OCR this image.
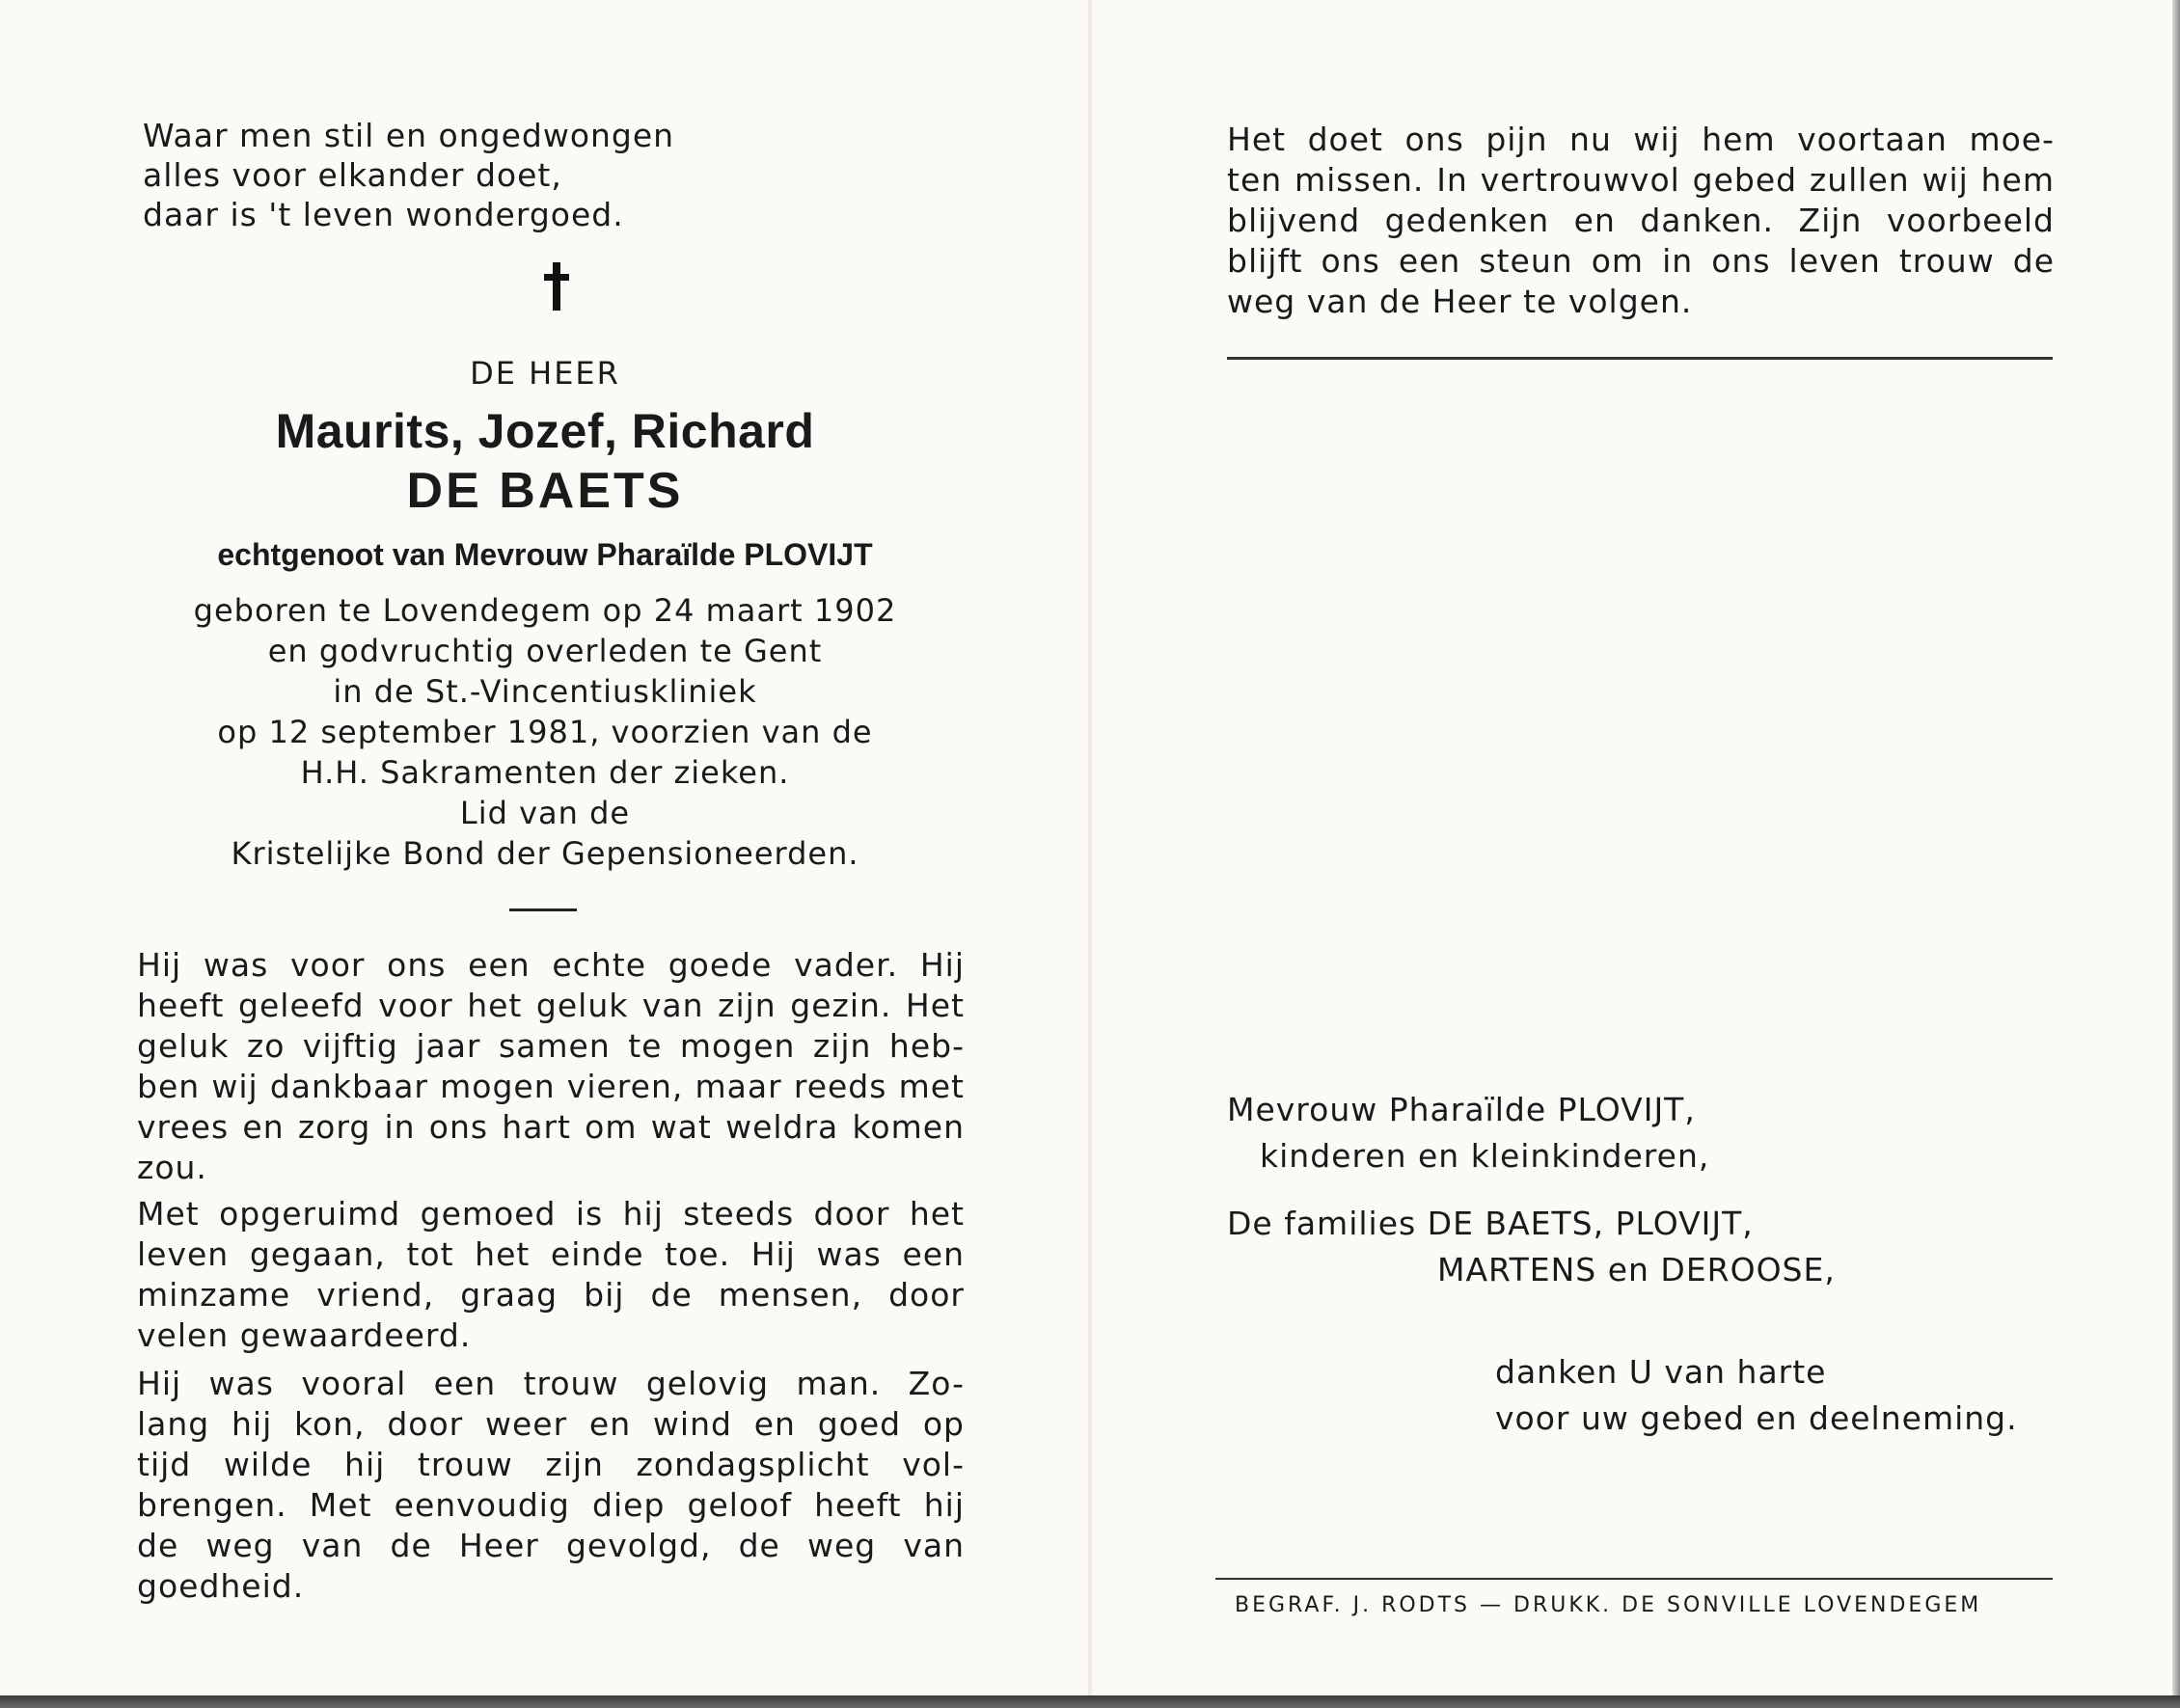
Waar men stil en ongedwongen
alles voor elkander doet,
daar is 't leven wondergoed.
DE HEER
Maurits, Jozef, Richard
DE BAETS
echtgenoot van Mevrouw Pharaïlde PLOVIJT
geboren te Lovendegem op 24 maart 1902
en godvruchtig overleden te Gent
in de St.-Vincentiuskliniek
op 12 september 1981, voorzien van de
H.H. Sakramenten der zieken.
Lid van de
Kristelijke Bond der Gepensioneerden.
Hij was voor ons een echte goede vader. Hij
heeft geleefd voor het geluk van zijn gezin. Het
geluk zo vijftig jaar samen te mogen zijn heb-
ben wij dankbaar mogen vieren, maar reeds met
vrees en zorg in ons hart om wat weldra komen
zou.
Met opgeruimd gemoed is hij steeds door het
leven gegaan, tot het einde toe. Hij was een
minzame vriend, graag bij de mensen, door
velen gewaardeerd.
Hij was vooral een trouw gelovig man. Zo-
lang hij kon, door weer en wind en goed op
tijd wilde hij trouw zijn zondagsplicht vol-
brengen. Met eenvoudig diep geloof heeft hij
de weg van de Heer gevolgd, de weg van
goedheid.
Het doet ons pijn nu wij hem voortaan moe-
ten missen. In vertrouwvol gebed zullen wij hem
blijvend gedenken en danken. Zijn voorbeeld
blijft ons een steun om in ons leven trouw de
weg van de Heer te volgen.
Mevrouw Pharaïlde PLOVIJT,
kinderen en kleinkinderen,
De families DE BAETS, PLOVIJT,
MARTENS en DEROOSE,
danken U van harte
voor uw gebed en deelneming.
BEGRAF. J. RODTS — DRUKK. DE SONVILLE LOVENDEGEM
